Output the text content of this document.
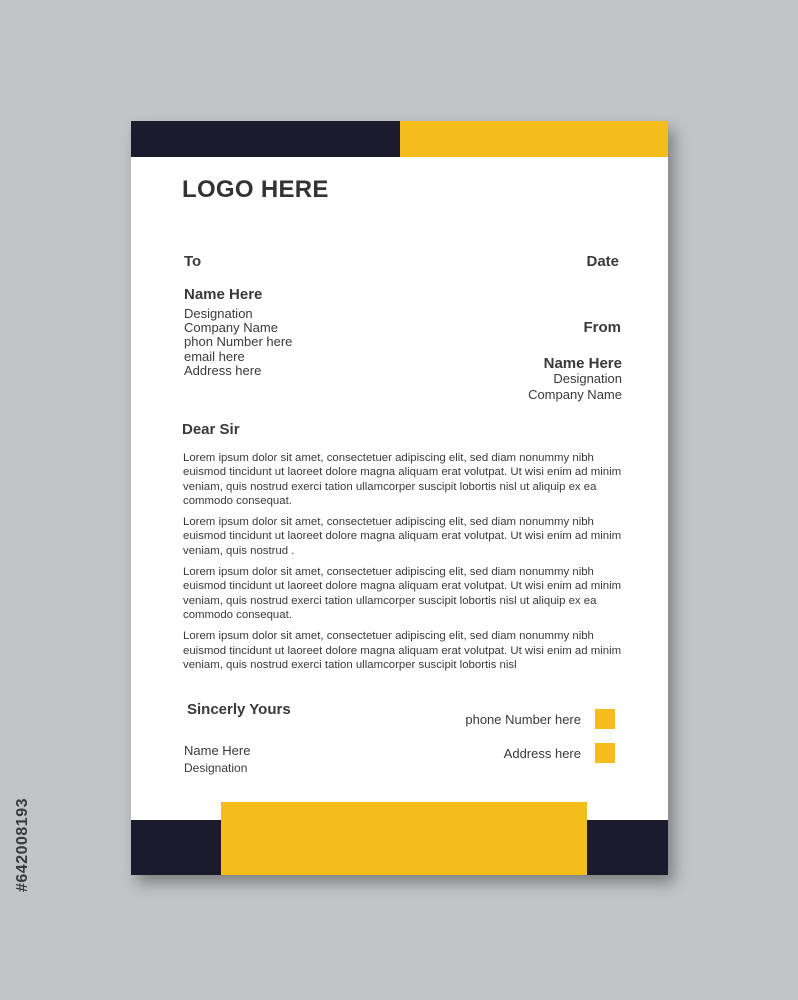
LOGO HERE
To	Date
Name Here
Designation
Company Name
phon Number here
email here
Address here
From
Name Here
Designation
Company Name
Dear Sir

Lorem ipsum dolor sit amet, consectetuer adipiscing elit, sed diam nonummy nibh euismod tincidunt ut laoreet dolore magna aliquam erat volutpat. Ut wisi enim ad minim veniam, quis nostrud exerci tation ullamcorper suscipit lobortis nisl ut aliquip ex ea commodo consequat.

Lorem ipsum dolor sit amet, consectetuer adipiscing elit, sed diam nonummy nibh euismod tincidunt ut laoreet dolore magna aliquam erat volutpat. Ut wisi enim ad minim veniam, quis nostrud .

Lorem ipsum dolor sit amet, consectetuer adipiscing elit, sed diam nonummy nibh euismod tincidunt ut laoreet dolore magna aliquam erat volutpat. Ut wisi enim ad minim veniam, quis nostrud exerci tation ullamcorper suscipit lobortis nisl ut aliquip ex ea commodo consequat.

Lorem ipsum dolor sit amet, consectetuer adipiscing elit, sed diam nonummy nibh euismod tincidunt ut laoreet dolore magna aliquam erat volutpat. Ut wisi enim ad minim veniam, quis nostrud exerci tation ullamcorper suscipit lobortis nisl

Sincerly Yours
Name Here
Designation
phone Number here
Address here
#642008193
